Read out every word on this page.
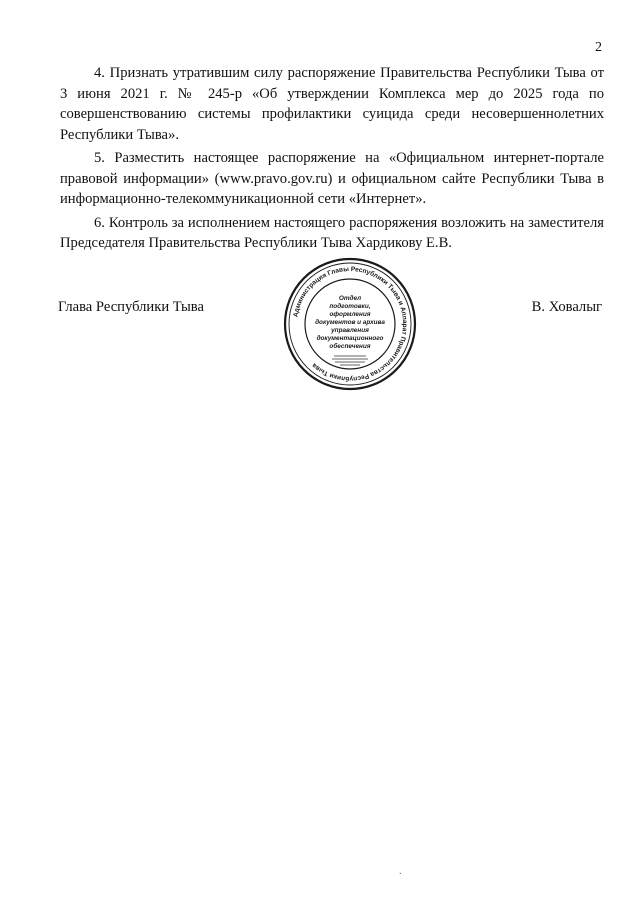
2

4. Признать утратившим силу распоряжение Правительства Республики Тыва от 3 июня 2021 г. № 245-р «Об утверждении Комплекса мер до 2025 года по совершенствованию системы профилактики суицида среди несовершеннолетних Республики Тыва».

5. Разместить настоящее распоряжение на «Официальном интернет-портале правовой информации» (www.pravo.gov.ru) и официальном сайте Республики Тыва в информационно-телекоммуникационной сети «Интернет».

6. Контроль за исполнением настоящего распоряжения возложить на заместителя Председателя Правительства Республики Тыва Хардикову Е.В.

Глава Республики Тыва	В. Ховалыг
Администрация Главы Республики Тыва и Аппарат Правительства Республики Тыва
Отдел
подготовки,
оформления
документов и архива
управления
документационного
обеспечения
.
